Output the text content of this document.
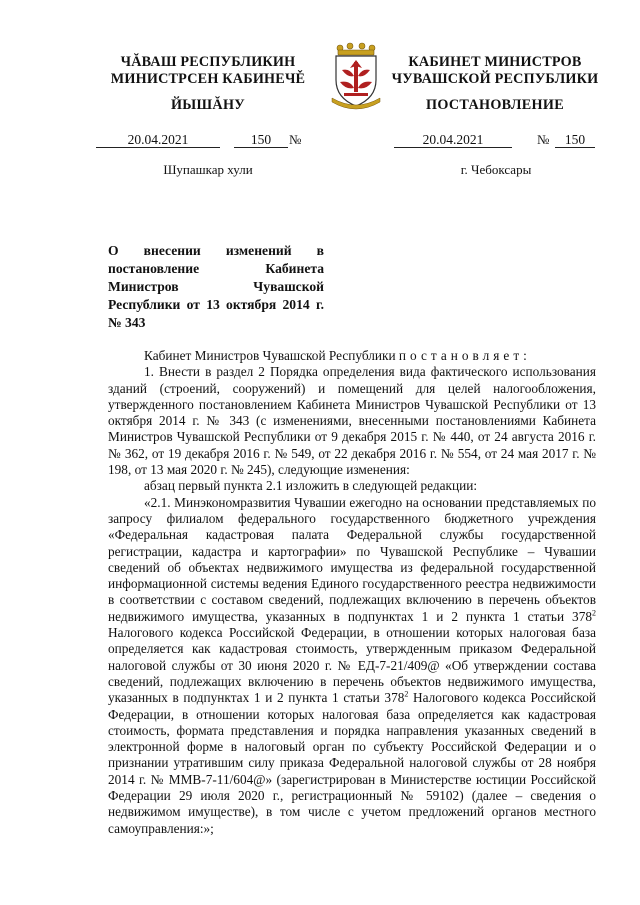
ЧĂВАШ РЕСПУБЛИКИН
МИНИСТРСЕН КАБИНЕЧĚ
КАБИНЕТ МИНИСТРОВ
ЧУВАШСКОЙ РЕСПУБЛИКИ
ЙЫШĂНУ	ПОСТАНОВЛЕНИЕ
20.04.2021	150	№	20.04.2021	№	150
Шупашкар хули	г. Чебоксары
О внесении изменений в постановление Кабинета Министров Чувашской Республики от 13 октября 2014 г. № 343

Кабинет Министров Чувашской Республики постановляет:

1. Внести в раздел 2 Порядка определения вида фактического использования зданий (строений, сооружений) и помещений для целей налогообложения, утвержденного постановлением Кабинета Министров Чувашской Республики от 13 октября 2014 г. № 343 (с изменениями, внесенными постановлениями Кабинета Министров Чувашской Республики от 9 декабря 2015 г. № 440, от 24 августа 2016 г. № 362, от 19 декабря 2016 г. № 549, от 22 декабря 2016 г. № 554, от 24 мая 2017 г. № 198, от 13 мая 2020 г. № 245), следующие изменения:

абзац первый пункта 2.1 изложить в следующей редакции:

«2.1. Минэкономразвития Чувашии ежегодно на основании представляемых по запросу филиалом федерального государственного бюджетного учреждения «Федеральная кадастровая палата Федеральной службы государственной регистрации, кадастра и картографии» по Чувашской Республике – Чувашии сведений об объектах недвижимого имущества из федеральной государственной информационной системы ведения Единого государственного реестра недвижимости в соответствии с составом сведений, подлежащих включению в перечень объектов недвижимого имущества, указанных в подпунктах 1 и 2 пункта 1 статьи $378^2$ Налогового кодекса Российской Федерации, в отношении которых налоговая база определяется как кадастровая стоимость, утвержденным приказом Федеральной налоговой службы от 30 июня 2020 г. № ЕД-7-21/409@ «Об утверждении состава сведений, подлежащих включению в перечень объектов недвижимого имущества, указанных в подпунктах 1 и 2 пункта 1 статьи $378^2$ Налогового кодекса Российской Федерации, в отношении которых налоговая база определяется как кадастровая стоимость, формата представления и порядка направления указанных сведений в электронной форме в налоговый орган по субъекту Российской Федерации и о признании утратившим силу приказа Федеральной налоговой службы от 28 ноября 2014 г. № ММВ-7-11/604@» (зарегистрирован в Министерстве юстиции Российской Федерации 29 июля 2020 г., регистрационный № 59102) (далее – сведения о недвижимом имуществе), в том числе с учетом предложений органов местного самоуправления:»;
